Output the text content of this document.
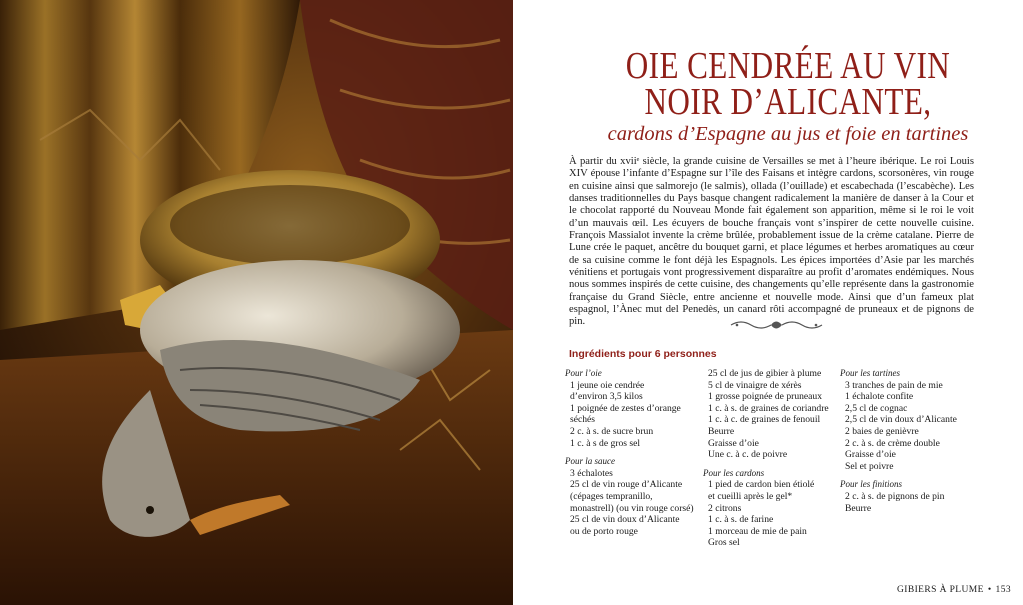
OIE CENDRÉE AU VIN
NOIR D’ALICANTE,
cardons d’Espagne au jus et foie en tartines

À partir du xviiᵉ siècle, la grande cuisine de Versailles se met à l’heure ibérique. Le roi Louis XIV épouse l’infante d’Espagne sur l’île des Faisans et intègre cardons, scorsonères, vin rouge en cuisine ainsi que salmorejo (le salmis), ollada (l’ouillade) et escabechada (l’escabèche). Les danses traditionnelles du Pays basque changent radicalement la manière de danser à la Cour et le chocolat rapporté du Nouveau Monde fait également son apparition, même si le roi le voit d’un mauvais œil. Les écuyers de bouche français vont s’inspirer de cette nouvelle cuisine. François Massialot invente la crème brûlée, probablement issue de la crème catalane. Pierre de Lune crée le paquet, ancêtre du bouquet garni, et place légumes et herbes aromatiques au cœur de sa cuisine comme le font déjà les Espagnols. Les épices importées d’Asie par les marchés vénitiens et portugais vont progressivement disparaître au profit d’aromates endémiques. Nous nous sommes inspirés de cette cuisine, des changements qu’elle représente dans la gastronomie française du Grand Siècle, entre ancienne et nouvelle mode. Ainsi que d’un fameux plat espagnol, l’Ànec mut del Penedès, un canard rôti accompagné de pruneaux et de pignons de pin.

Ingrédients pour 6 personnes
Pour l’oie
1 jeune oie cendrée
d’environ 3,5 kilos
1 poignée de zestes d’orange
séchés
2 c. à s. de sucre brun
1 c. à s de gros sel
Pour la sauce
3 échalotes
25 cl de vin rouge d’Alicante
(cépages tempranillo,
monastrell) (ou vin rouge corsé)
25 cl de vin doux d’Alicante
ou de porto rouge
25 cl de jus de gibier à plume
5 cl de vinaigre de xérès
1 grosse poignée de pruneaux
1 c. à s. de graines de coriandre
1 c. à c. de graines de fenouil
Beurre
Graisse d’oie
Une c. à c. de poivre
Pour les cardons
1 pied de cardon bien étiolé
et cueilli après le gel*
2 citrons
1 c. à s. de farine
1 morceau de mie de pain
Gros sel
Pour les tartines
3 tranches de pain de mie
1 échalote confite
2,5 cl de cognac
2,5 cl de vin doux d’Alicante
2 baies de genièvre
2 c. à s. de crème double
Graisse d’oie
Sel et poivre
Pour les finitions
2 c. à s. de pignons de pin
Beurre
GIBIERS À PLUME • 153
